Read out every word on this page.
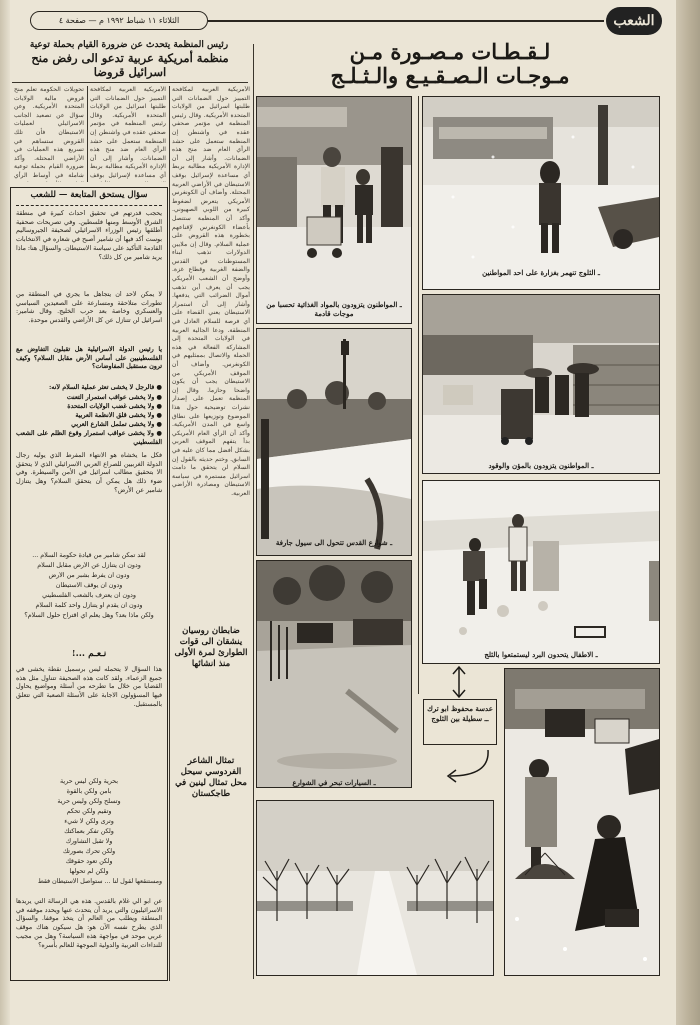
الثلاثاء ١١ شباط ١٩٩٢ م — صفحة ٤	الشعب
رئيس المنظمة يتحدث عن ضرورة القيام بحملة توعية
منظمة أمريكية عربية تدعو الى رفض منح اسرائيل قروضا
تحويلات الحكومة تعلم منح قروض مالية الولايات المتحدة الأمريكية. وعن سؤال عن تصعيد الجانب الاسرائيلي لعمليات الاستيطان فأن تلك القروض ستساهم في تسريع هذه العمليات في الأراضي المحتلة. وأكد ضرورة القيام بحملة توعية شاملة في أوساط الرأي
الأمريكية العربية لمكافحة التمييز حول الضمانات التي طلبتها اسرائيل من الولايات المتحدة الأمريكية. وقال رئيس المنظمة في مؤتمر صحفي عقده في واشنطن إن المنظمة ستعمل على حشد الرأي العام ضد منح هذه الضمانات. وأشار إلى أن الإدارة الأمريكية مطالبة بربط أي مساعدة لإسرائيل بوقف
الأمريكية العربية لمكافحة التمييز حول الضمانات التي طلبتها اسرائيل من الولايات المتحدة الأمريكية. وقال رئيس المنظمة في مؤتمر صحفي عقده في واشنطن إن المنظمة ستعمل على حشد الرأي العام ضد منح هذه الضمانات. وأشار إلى أن الإدارة الأمريكية مطالبة بربط أي مساعدة لإسرائيل بوقف الاستيطان في الأراضي العربية المحتلة. وأضاف أن الكونغرس الأمريكي يتعرض لضغوط كبيرة من اللوبي الصهيوني. وأكد أن المنظمة ستتصل بأعضاء الكونغرس لإقناعهم بخطورة هذه القروض على عملية السلام. وقال إن ملايين الدولارات تذهب لبناء المستوطنات في القدس والضفة الغربية وقطاع غزة. وأوضح أن الشعب الأمريكي يجب أن يعرف أين تذهب أموال الضرائب التي يدفعها. وأشار إلى أن استمرار الاستيطان يعني القضاء على أي فرصة للسلام العادل في المنطقة. ودعا الجالية العربية في الولايات المتحدة إلى المشاركة الفعالة في هذه الحملة والاتصال بممثليهم في الكونغرس. وأضاف أن الموقف الأمريكي من الاستيطان يجب أن يكون واضحا وحازما. وقال إن المنظمة تعمل على إصدار نشرات توضيحية حول هذا الموضوع وتوزيعها على نطاق واسع في المدن الأمريكية. وأكد أن الرأي العام الأمريكي بدأ يتفهم الموقف العربي بشكل أفضل مما كان عليه في السابق. وختم حديثه بالقول إن السلام لن يتحقق ما دامت اسرائيل مستمرة في سياسة الاستيطان ومصادرة الأراضي العربية.
سؤال يستحق المتابعة — للشعب
يحجب قدرتهم في تحقيق أحداث كبيرة في منطقة الشرق الأوسط ومنها فلسطين. وفي تصريحات صحفية أطلقها رئيس الوزراء الاسرائيلي لصحيفة الجيروساليم بوست أكد فيها أن شامير أصبح في شعاره في الانتخابات القادمة التأكيد على سياسة الاستيطان. والسؤال هنا: ماذا يريد شامير من كل ذلك؟
لا يمكن لأحد أن يتجاهل ما يجري في المنطقة من تطورات متلاحقة ومتسارعة على الصعيدين السياسي والعسكري وخاصة بعد حرب الخليج. وقال شامير: اسرائيل لن تتنازل عن كل الأراضي والقدس موحدة.
يا رئيس الدولة الاسرائيلية هل تقبلون التفاوض مع الفلسطينيين على أساس الأرض مقابل السلام؟ وكيف ترون مستقبل المفاوضات؟
● فالرجل لا يخشى تعثر عملية السلام لأنه:
● ولا يخشى عواقب استمرار التعنت
● ولا يخشى غضب الولايات المتحدة
● ولا يخشى قلق الانظمة العربية
● ولا يخشى تململ الشارع العربي
● ولا يخشى عواقب استمرار وقوع الظلم على الشعب الفلسطيني
فكل ما يخشاه هو الانتهاء المفرط الذي يوليه رجال الدولة الغربيين للصراع العربي الاسرائيلي الذي لا يتحقق الا بتحقيق مطالب اسرائيل في الأمن والسيطرة. وفي ضوء ذلك هل يمكن أن يتحقق السلام؟ وهل يتنازل شامير عن الأرض؟
لقد تمكن شامير من قيادة حكومة السلام ...
ودون ان يتنازل عن الأرض مقابل السلام
ودون ان يفرط بشبر من الأرض
ودون ان يوقف الاستيطان
ودون ان يعترف بالشعب الفلسطيني
ودون ان يقدم او يتنازل واحد كلمة السلام
ولكن ماذا بعد؟ وهل يعلم أي اقتراح حلول السلام؟
نـعـم ...!
هذا السؤال لا يتحمله ليس برسميل نقطة يخشى في جميع الزعماء. ولقد كانت هذه الصحيفة تتناول مثل هذه القضايا من خلال ما تطرحه من أسئلة ومواضيع يحاول فيها المسؤولون الاجابة على الأسئلة الصعبة التي تتعلق بالمستقبل.
بحرية ولكن ليس حرية
بأمن ولكن بالقوة
وتسلح ولكن وليس حرية
وتقيم ولكن تحكم
وترى ولكن لا شيء
ولكن تفكر بعماكتك
ولا تقبل التشاورك
ولكن تحرك بصورتك
ولكن تعود حقوقك
ولكن لم تحولها
ومستنقعها لقول لنا ... ستواصل الاستيطان فقط
عن ابو الي غلام بالقدس. هذه هي الرسالة التي يريدها الاسرائيليون والتي يريد أن يتحدث عنها ويحدد موقفه في المنطقة ويطلب من العالم أن يتخذ موقفا. والسؤال الذي يطرح نفسه الآن هو: هل سيكون هناك موقف عربي موحد في مواجهة هذه السياسة؟ وهل من مجيب للنداءات العربية والدولية الموجهة للعالم بأسره؟
لـقـطـات مـصـورة مـن
مـوجـات الـصـقـيـع والـثـلـج
ـ الثلوج تنهمر بغزارة على احد المواطنين
ـ المواطنون يتزودون بالمواد الغذائية تحسبا من موجات قادمة
ـ المواطنون يتزودون بالمؤن والوقود
ـ شوارع القدس تتحول الى سيول جارفة
ـ الاطفال يتحدون البرد ليستمتعوا بالثلج
ـ السيارات تبحر في الشوارع
ضابطان روسيان ينشقان الى قوات الطوارئ لمرة الأولى منذ انشائها
تمثال الشاعر الفردوسي سيحل محل تمثال لينين في طاجكستان
عدسة محفوظ ابو ترك ــ سطيلة بين الثلوج
